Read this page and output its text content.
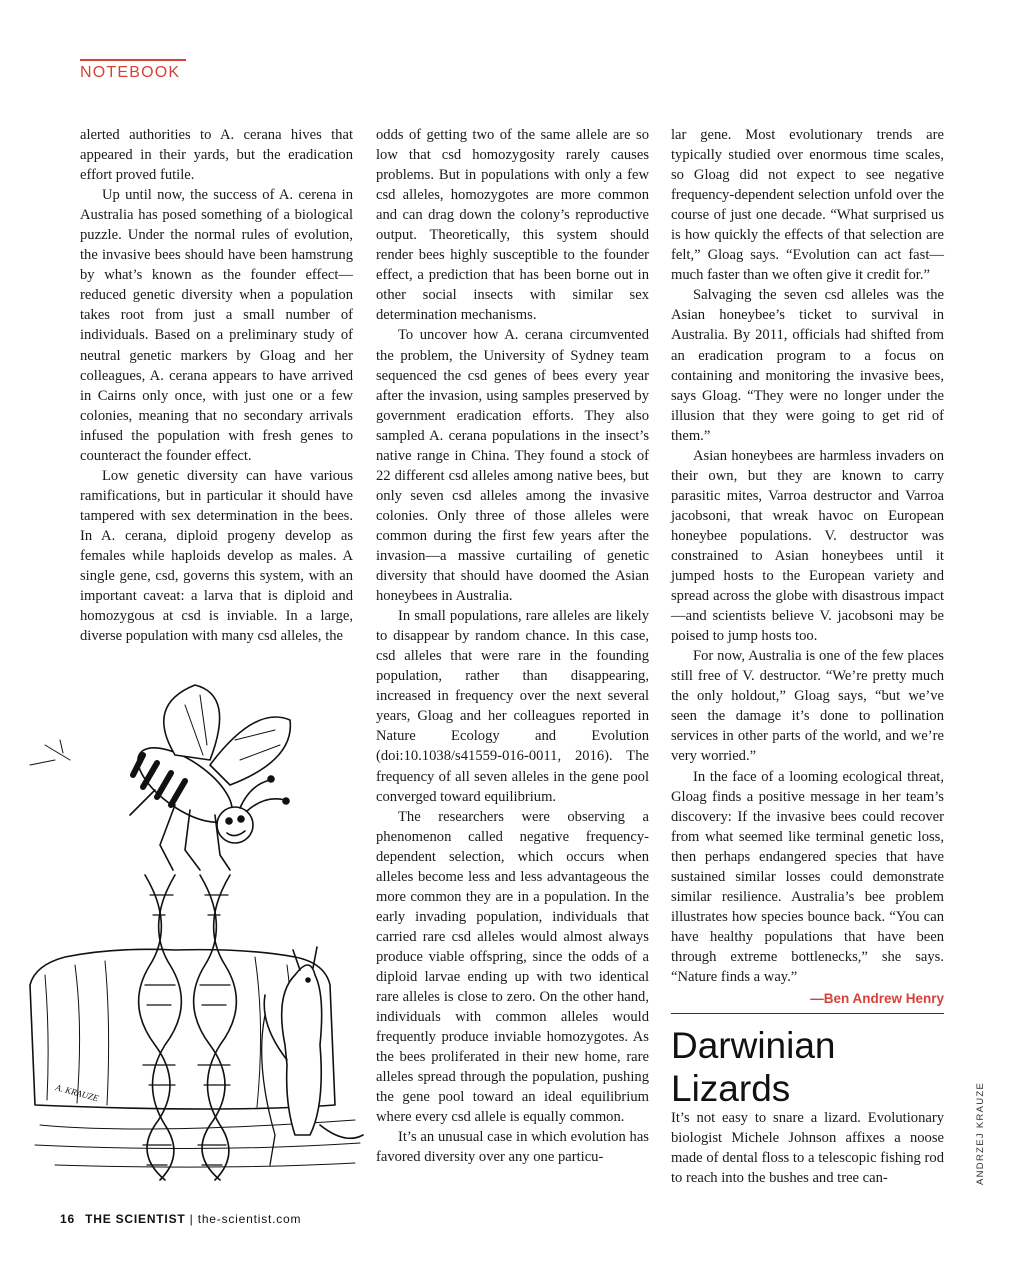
NOTEBOOK

alerted authorities to A. cerana hives that appeared in their yards, but the eradication effort proved futile.

Up until now, the success of A. cerena in Australia has posed something of a biological puzzle. Under the normal rules of evolution, the invasive bees should have been hamstrung by what’s known as the founder effect—reduced genetic diversity when a population takes root from just a small number of individuals. Based on a preliminary study of neutral genetic markers by Gloag and her colleagues, A. cerana appears to have arrived in Cairns only once, with just one or a few colonies, meaning that no secondary arrivals infused the population with fresh genes to counteract the founder effect.

Low genetic diversity can have various ramifications, but in particular it should have tampered with sex determination in the bees. In A. cerana, diploid progeny develop as females while haploids develop as males. A single gene, csd, governs this system, with an important caveat: a larva that is diploid and homozygous at csd is inviable. In a large, diverse population with many csd alleles, the

odds of getting two of the same allele are so low that csd homozygosity rarely causes problems. But in populations with only a few csd alleles, homozygotes are more common and can drag down the colony’s reproductive output. Theoretically, this system should render bees highly susceptible to the founder effect, a prediction that has been borne out in other social insects with similar sex determination mechanisms.

To uncover how A. cerana circumvented the problem, the University of Sydney team sequenced the csd genes of bees every year after the invasion, using samples preserved by government eradication efforts. They also sampled A. cerana populations in the insect’s native range in China. They found a stock of 22 different csd alleles among native bees, but only seven csd alleles among the invasive colonies. Only three of those alleles were common during the first few years after the invasion—a massive curtailing of genetic diversity that should have doomed the Asian honeybees in Australia.

In small populations, rare alleles are likely to disappear by random chance. In this case, csd alleles that were rare in the founding population, rather than disappearing, increased in frequency over the next several years, Gloag and her colleagues reported in Nature Ecology and Evolution (doi:10.1038/s41559-016-0011, 2016). The frequency of all seven alleles in the gene pool converged toward equilibrium.

The researchers were observing a phenomenon called negative frequency-dependent selection, which occurs when alleles become less and less advantageous the more common they are in a population. In the early invading population, individuals that carried rare csd alleles would almost always produce viable offspring, since the odds of a diploid larvae ending up with two identical rare alleles is close to zero. On the other hand, individuals with common alleles would frequently produce inviable homozygotes. As the bees proliferated in their new home, rare alleles spread through the population, pushing the gene pool toward an ideal equilibrium where every csd allele is equally common.

It’s an unusual case in which evolution has favored diversity over any one particu-

lar gene. Most evolutionary trends are typically studied over enormous time scales, so Gloag did not expect to see negative frequency-dependent selection unfold over the course of just one decade. “What surprised us is how quickly the effects of that selection are felt,” Gloag says. “Evolution can act fast—much faster than we often give it credit for.”

Salvaging the seven csd alleles was the Asian honeybee’s ticket to survival in Australia. By 2011, officials had shifted from an eradication program to a focus on containing and monitoring the invasive bees, says Gloag. “They were no longer under the illusion that they were going to get rid of them.”

Asian honeybees are harmless invaders on their own, but they are known to carry parasitic mites, Varroa destructor and Varroa jacobsoni, that wreak havoc on European honeybee populations. V. destructor was constrained to Asian honeybees until it jumped hosts to the European variety and spread across the globe with disastrous impact—and scientists believe V. jacobsoni may be poised to jump hosts too.

For now, Australia is one of the few places still free of V. destructor. “We’re pretty much the only holdout,” Gloag says, “but we’ve seen the damage it’s done to pollination services in other parts of the world, and we’re very worried.”

In the face of a looming ecological threat, Gloag finds a positive message in her team’s discovery: If the invasive bees could recover from what seemed like terminal genetic loss, then perhaps endangered species that have sustained similar losses could demonstrate similar resilience. Australia’s bee problem illustrates how species bounce back. “You can have healthy populations that have been through extreme bottlenecks,” she says. “Nature finds a way.”

—Ben Andrew Henry
Darwinian Lizards

It’s not easy to snare a lizard. Evolutionary biologist Michele Johnson affixes a noose made of dental floss to a telescopic fishing rod to reach into the bushes and tree can-

A. KRAUZE	ANDRZEJ KRAUZE
16 THE SCIENTIST | the-scientist.com
